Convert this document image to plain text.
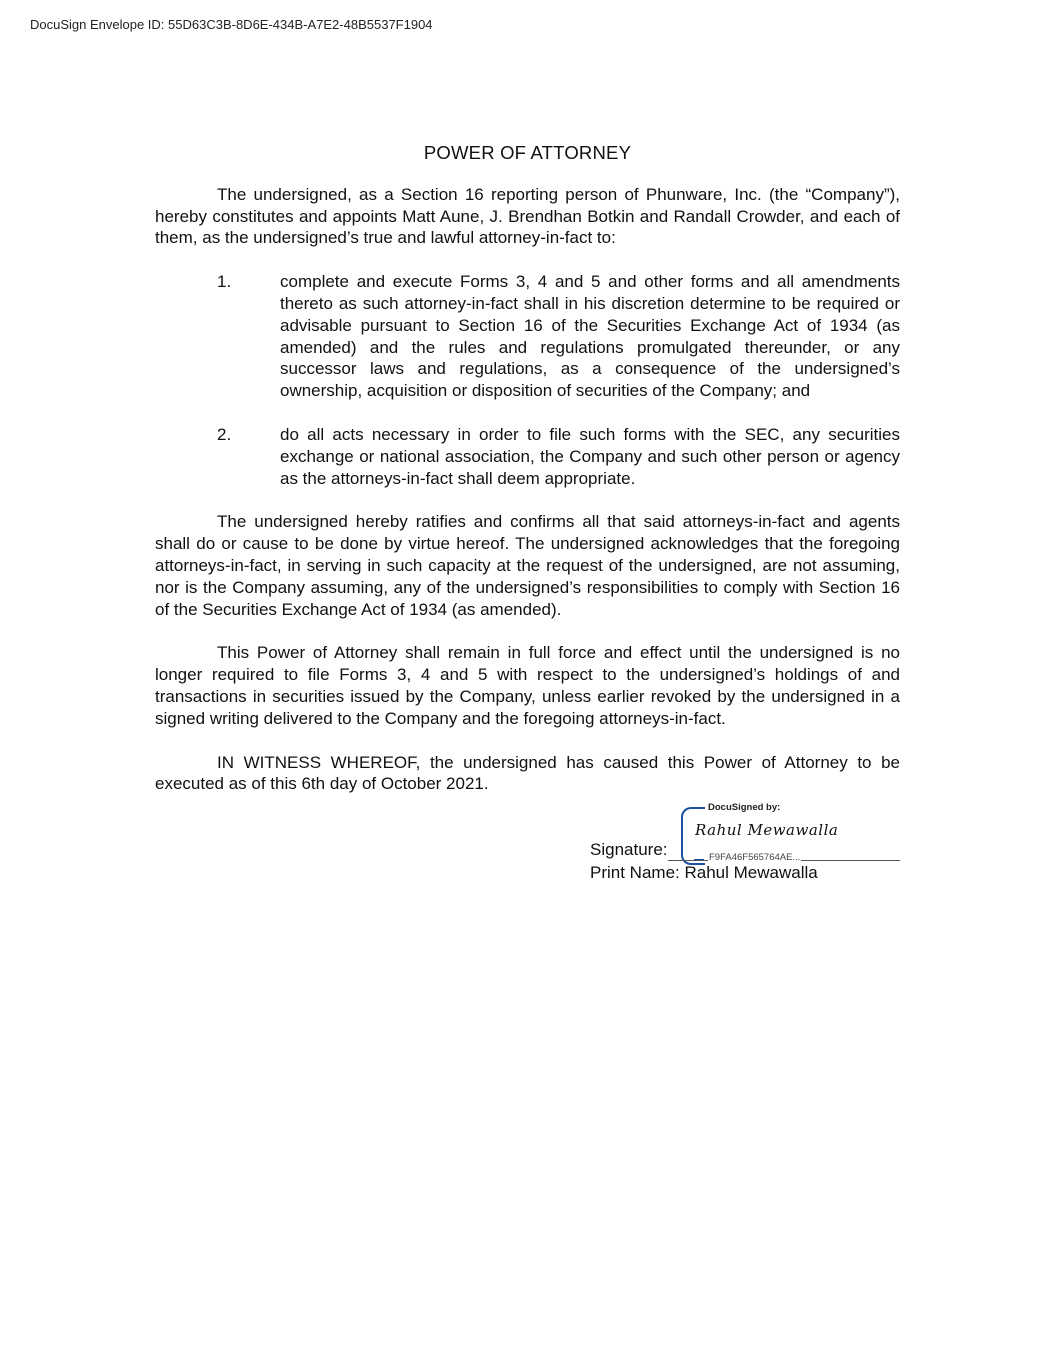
DocuSign Envelope ID: 55D63C3B-8D6E-434B-A7E2-48B5537F1904
POWER OF ATTORNEY

The undersigned, as a Section 16 reporting person of Phunware, Inc. (the “Company”), hereby constitutes and appoints Matt Aune, J. Brendhan Botkin and Randall Crowder, and each of them, as the undersigned’s true and lawful attorney-in-fact to:

1.	complete and execute Forms 3, 4 and 5 and other forms and all amendments thereto as such attorney-in-fact shall in his discretion determine to be required or advisable pursuant to Section 16 of the Securities Exchange Act of 1934 (as amended) and the rules and regulations promulgated thereunder, or any successor laws and regulations, as a consequence of the undersigned’s ownership, acquisition or disposition of securities of the Company; and
2.	do all acts necessary in order to file such forms with the SEC, any securities exchange or national association, the Company and such other person or agency as the attorneys-in-fact shall deem appropriate.

The undersigned hereby ratifies and confirms all that said attorneys-in-fact and agents shall do or cause to be done by virtue hereof. The undersigned acknowledges that the foregoing attorneys-in-fact, in serving in such capacity at the request of the undersigned, are not assuming, nor is the Company assuming, any of the undersigned’s responsibilities to comply with Section 16 of the Securities Exchange Act of 1934 (as amended).

This Power of Attorney shall remain in full force and effect until the undersigned is no longer required to file Forms 3, 4 and 5 with respect to the undersigned’s holdings of and transactions in securities issued by the Company, unless earlier revoked by the undersigned in a signed writing delivered to the Company and the foregoing attorneys-in-fact.

IN WITNESS WHEREOF, the undersigned has caused this Power of Attorney to be executed as of this 6th day of October 2021.

DocuSigned by:
Rahul Mewawalla
Signature:	F9FA46F565764AE...
Print Name: Rahul Mewawalla
